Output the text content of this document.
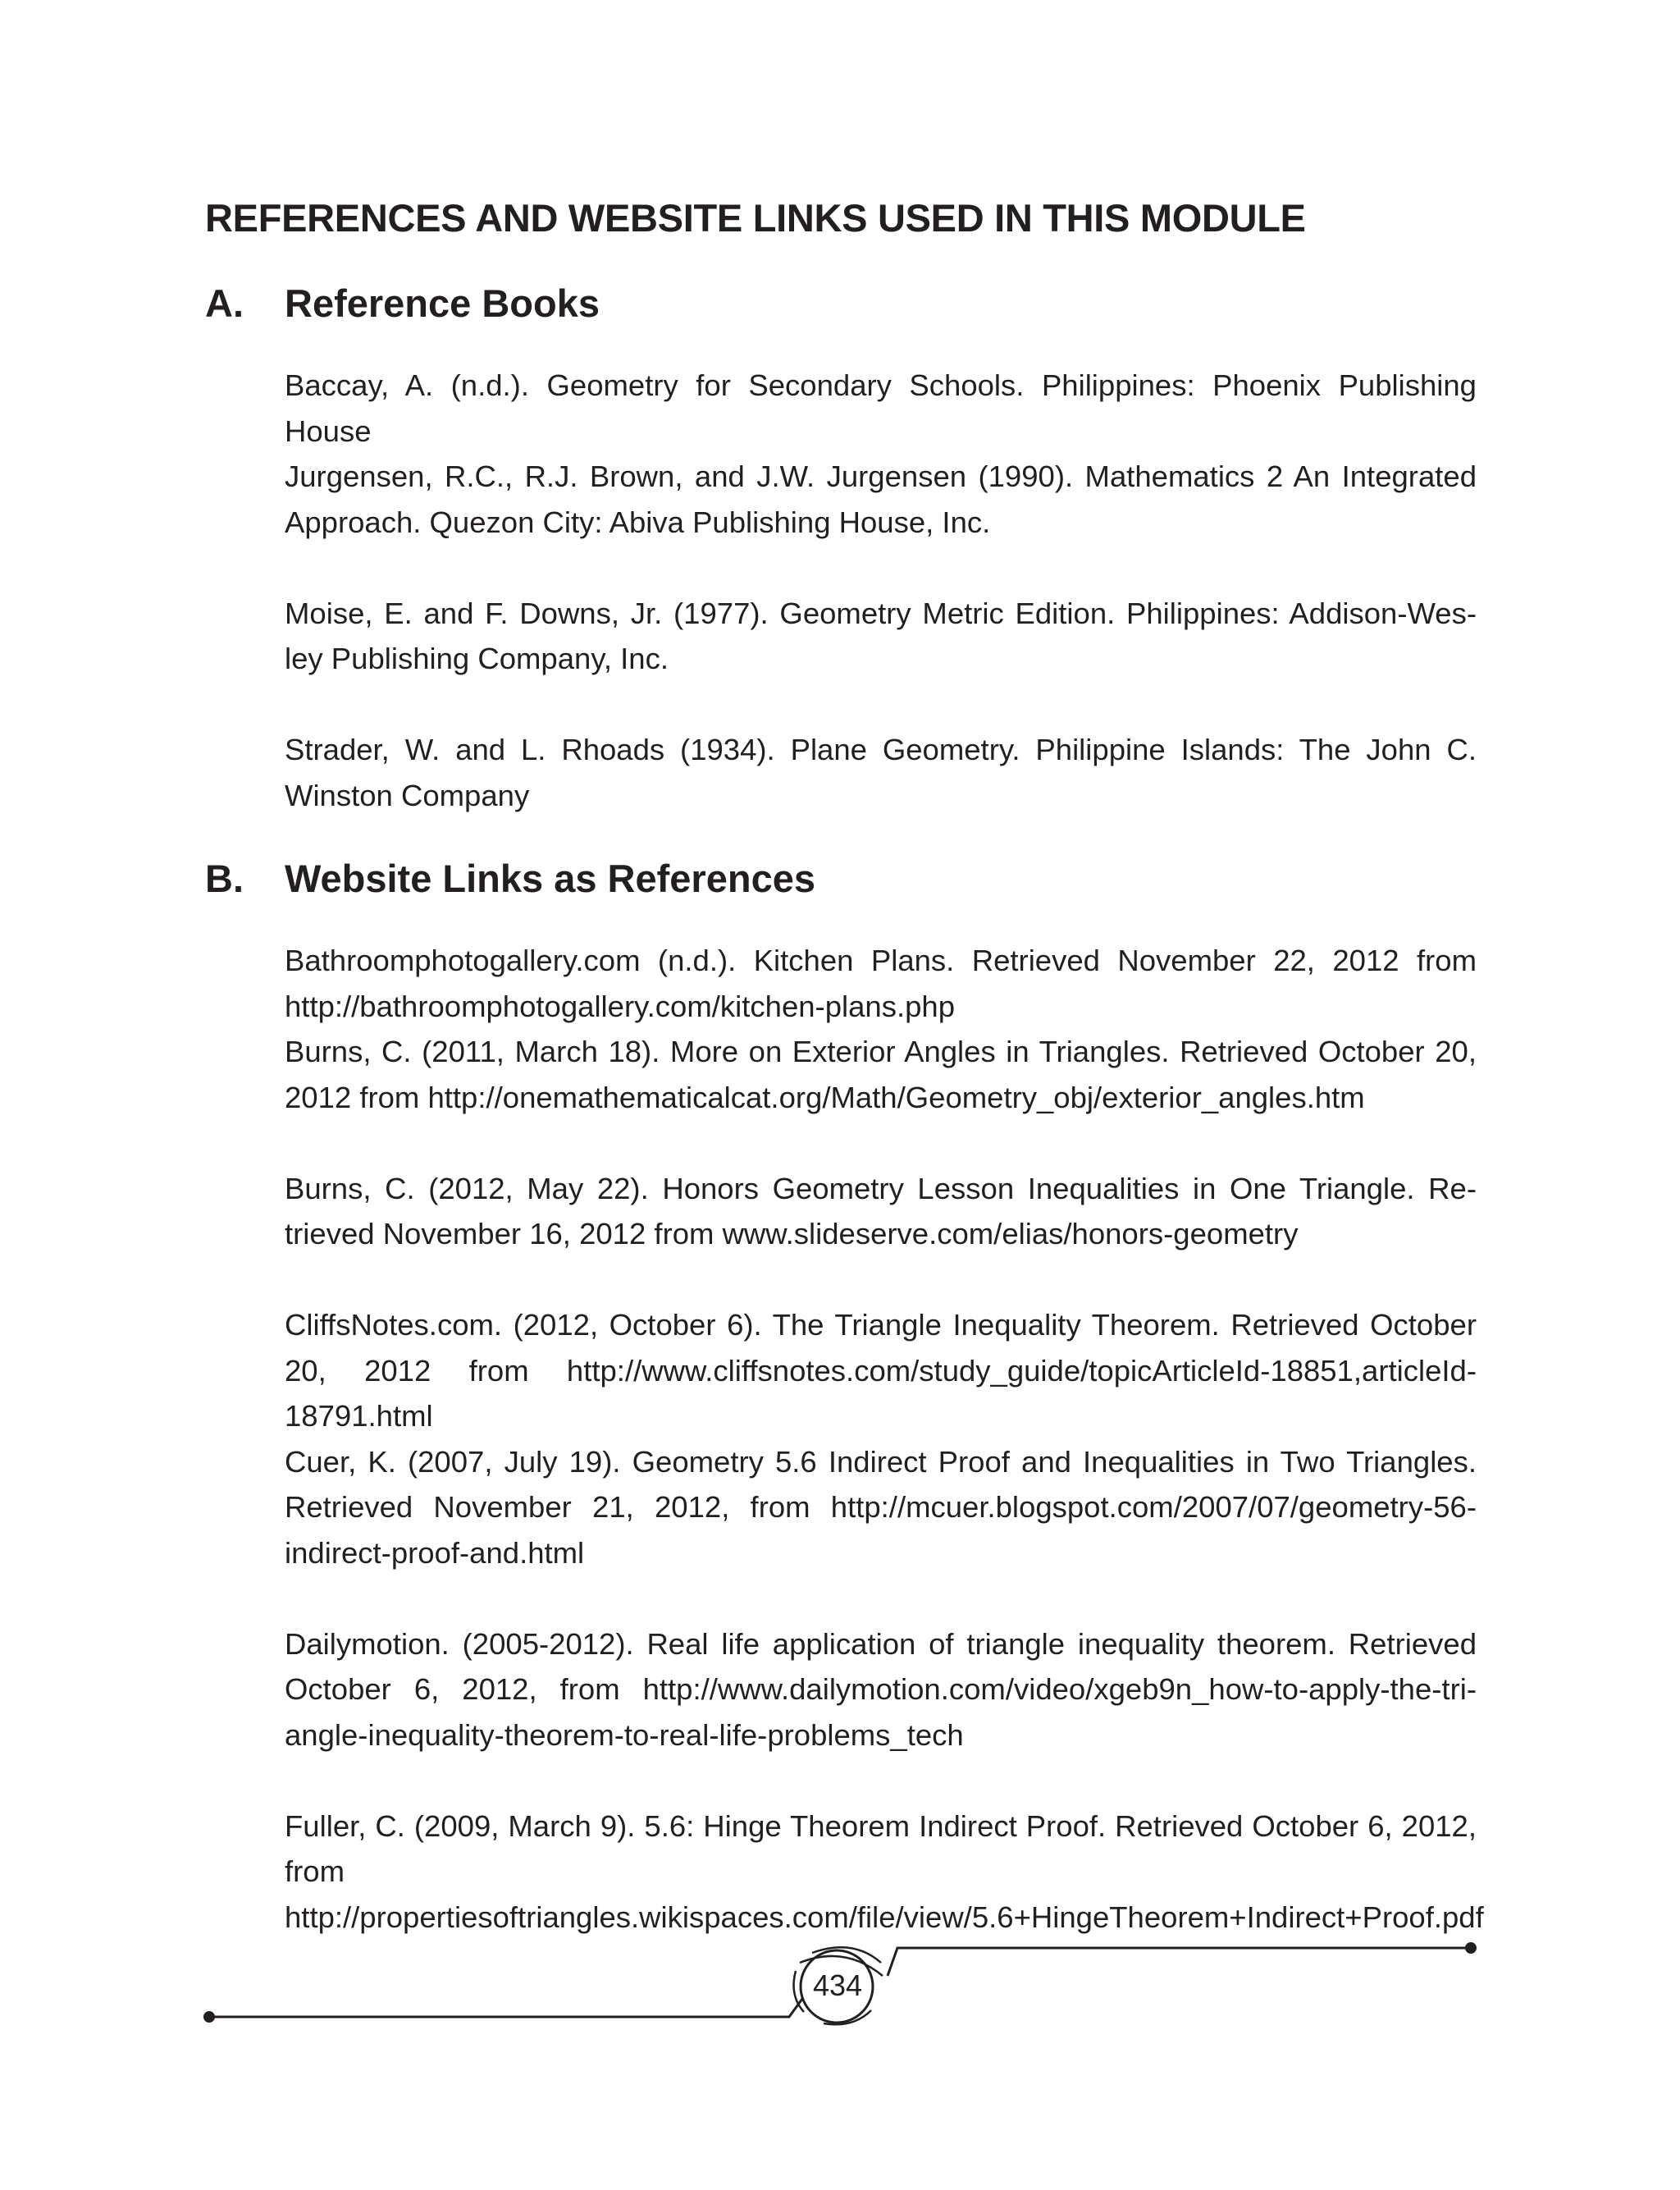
REFERENCES AND WEBSITE LINKS USED IN THIS MODULE
A.	Reference Books

Baccay, A. (n.d.). Geometry for Secondary Schools. Philippines: Phoenix Publishing House

Jurgensen, R.C., R.J. Brown, and J.W. Jurgensen (1990). Mathematics 2 An Integrated Approach. Quezon City: Abiva Publishing House, Inc.

Moise, E. and F. Downs, Jr. (1977). Geometry Metric Edition. Philippines: Addison-Wes-ley Publishing Company, Inc.

Strader, W. and L. Rhoads (1934). Plane Geometry. Philippine Islands: The John C. Winston Company

B.	Website Links as References

Bathroomphotogallery.com (n.d.). Kitchen Plans. Retrieved November 22, 2012 from http://bathroomphotogallery.com/kitchen-plans.php

Burns, C. (2011, March 18). More on Exterior Angles in Triangles. Retrieved October 20, 2012 from http://onemathematicalcat.org/Math/Geometry_obj/exterior_angles.htm

Burns, C. (2012, May 22). Honors Geometry Lesson Inequalities in One Triangle. Re-trieved November 16, 2012 from www.slideserve.com/elias/honors-geometry

CliffsNotes.com. (2012, October 6). The Triangle Inequality Theorem. Retrieved October 20, 2012 from http://www.cliffsnotes.com/study_guide/topicArticleId-18851,articleId-18791.html

Cuer, K. (2007, July 19). Geometry 5.6 Indirect Proof and Inequalities in Two Triangles. Retrieved November 21, 2012, from http://mcuer.blogspot.com/2007/07/geometry-56-indirect-proof-and.html

Dailymotion. (2005-2012). Real life application of triangle inequality theorem. Retrieved October 6, 2012, from http://www.dailymotion.com/video/xgeb9n_how-to-apply-the-tri-angle-inequality-theorem-to-real-life-problems_tech

Fuller, C. (2009, March 9). 5.6: Hinge Theorem Indirect Proof. Retrieved October 6, 2012, from http://propertiesoftriangles.wikispaces.com/file/view/5.6+HingeTheorem+Indirect+Proof.pdf

434
